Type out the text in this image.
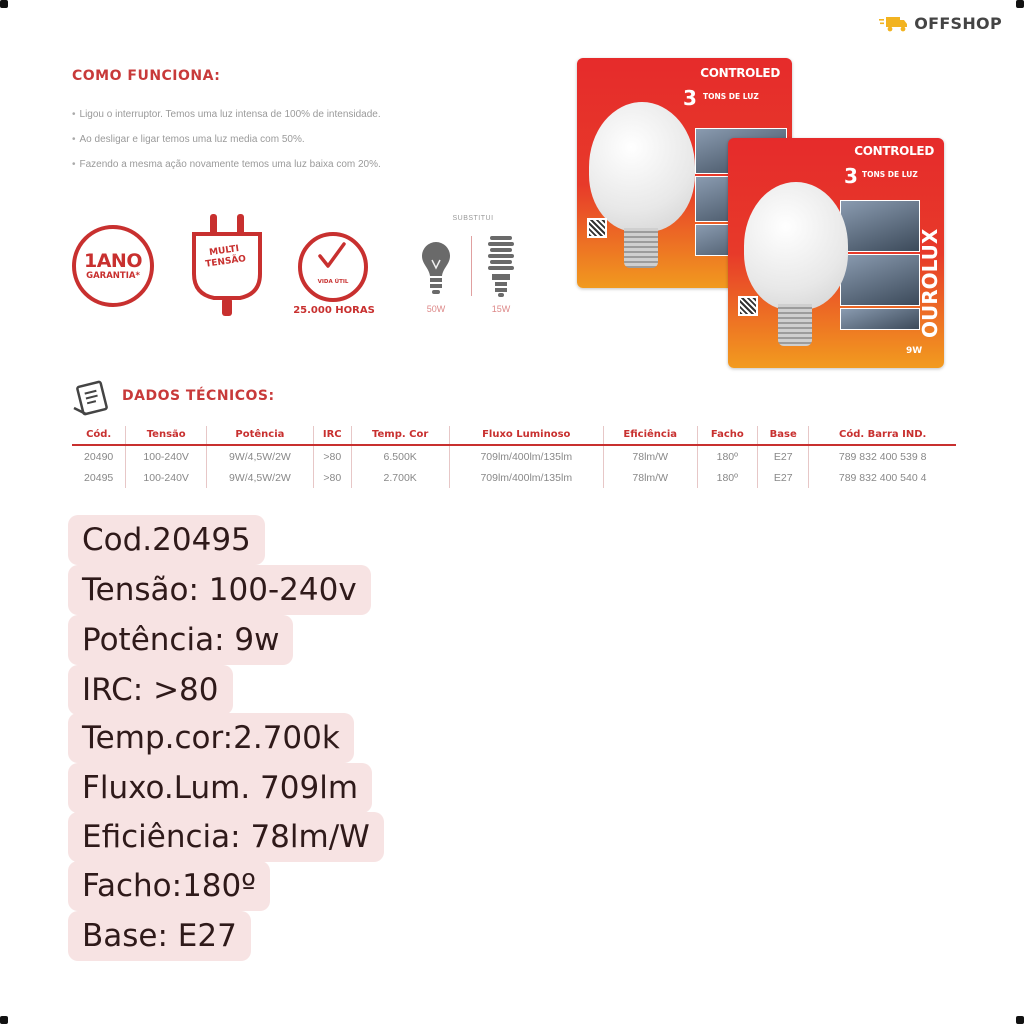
OFFSHOP
COMO FUNCIONA:
• Ligou o interruptor. Temos uma luz intensa de 100% de intensidade.
• Ao desligar e ligar temos uma luz media com 50%.
• Fazendo a mesma ação novamente temos uma luz baixa com 20%.
1ANO
GARANTIA*
MULTI
TENSÃO
VIDA ÚTIL
25.000 HORAS
SUBSTITUI
50W	15W
CONTROLED
3 TONS DE LUZ
CONTROLED
3 TONS DE LUZ
OUROLUX
9W
DADOS TÉCNICOS:
Cód.	Tensão	Potência	IRC	Temp. Cor	Fluxo Luminoso	Eficiência	Facho	Base	Cód. Barra IND.
20490	100-240V	9W/4,5W/2W	>80	6.500K	709lm/400lm/135lm	78lm/W	180º	E27	789 832 400 539 8
20495	100-240V	9W/4,5W/2W	>80	2.700K	709lm/400lm/135lm	78lm/W	180º	E27	789 832 400 540 4
Cod.20495
Tensão: 100-240v
Potência: 9w
IRC: >80
Temp.cor:2.700k
Fluxo.Lum. 709lm
Eficiência: 78lm/W
Facho:180º
Base: E27
